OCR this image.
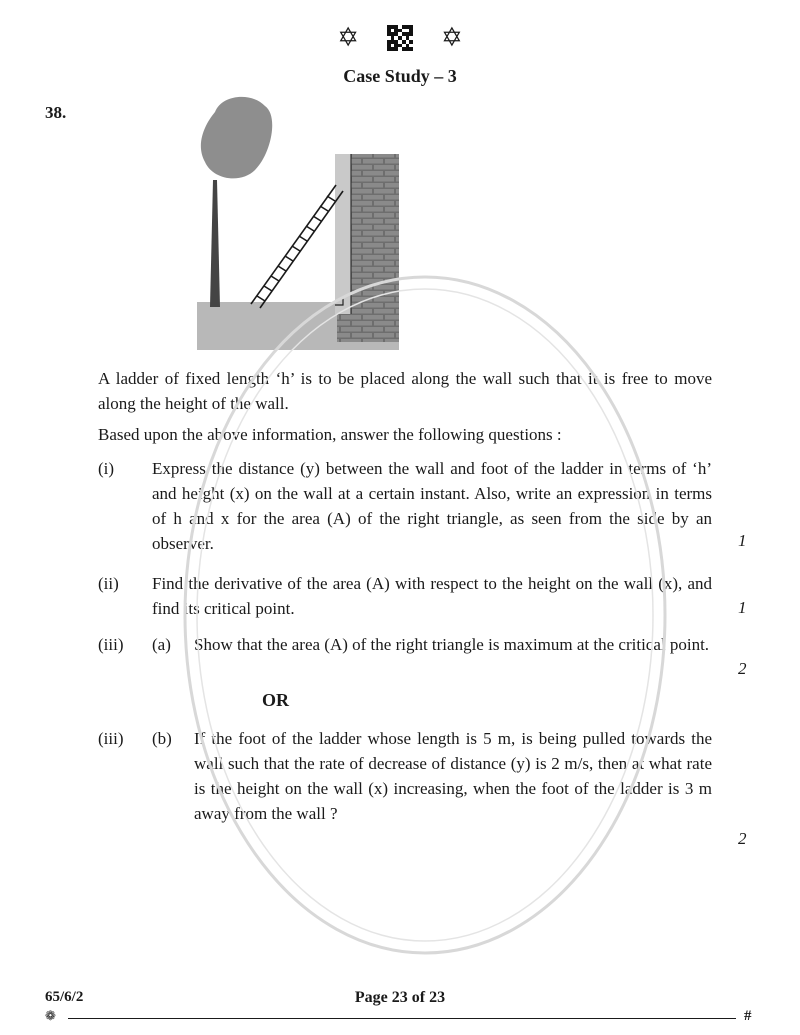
✡	✡
Case Study – 3
38.
A ladder of fixed length ‘h’ is to be placed along the wall such that it is free to move along the height of the wall.
Based upon the above information, answer the following questions :
(i) Express the distance (y) between the wall and foot of the ladder in terms of ‘h’ and height (x) on the wall at a certain instant. Also, write an expression in terms of h and x for the area (A) of the right triangle, as seen from the side by an observer.	1
(ii) Find the derivative of the area (A) with respect to the height on the wall (x), and find its critical point.	1
(iii) (a) Show that the area (A) of the right triangle is maximum at the critical point.
2
OR
(iii) (b) If the foot of the ladder whose length is 5 m, is being pulled towards the wall such that the rate of decrease of distance (y) is 2 m/s, then at what rate is the height on the wall (x) increasing, when the foot of the ladder is 3 m away from the wall ?
2
65/6/2	Page 23 of 23
❁	#
